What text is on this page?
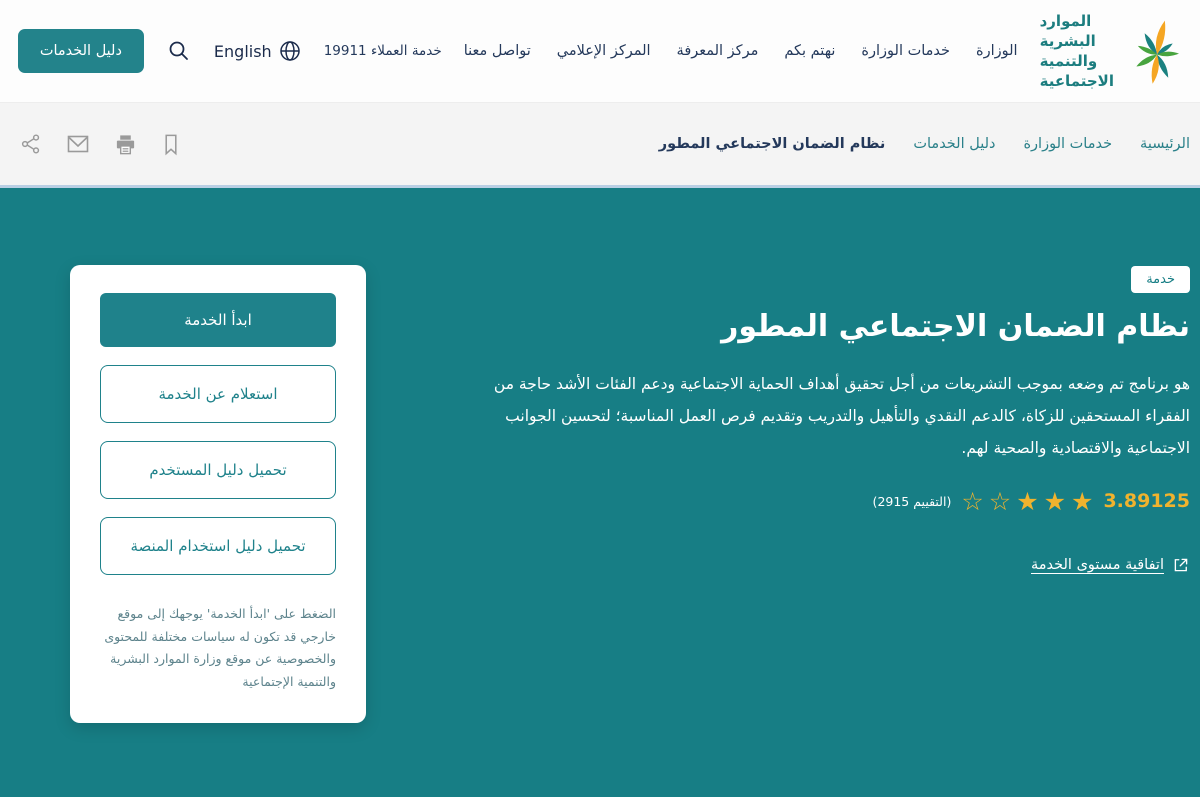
الموارد البشرية
والتنمية الاجتماعية
الوزارة
خدمات الوزارة
نهتم بكم
مركز المعرفة
المركز الإعلامي
تواصل معنا
خدمة العملاء 19911
English
دليل الخدمات
الرئيسية
خدمات الوزارة
دليل الخدمات
نظام الضمان الاجتماعي المطور
خدمة
نظام الضمان الاجتماعي المطور

هو برنامج تم وضعه بموجب التشريعات من أجل تحقيق أهداف الحماية الاجتماعية ودعم الفئات الأشد حاجة من الفقراء المستحقين للزكاة، كالدعم النقدي والتأهيل والتدريب وتقديم فرص العمل المناسبة؛ لتحسين الجوانب الاجتماعية والاقتصادية والصحية لهم.

3.89125
★
★
★
☆
☆
(التقييم 2915)
اتفاقية مستوى الخدمة
ابدأ الخدمة
استعلام عن الخدمة
تحميل دليل المستخدم
تحميل دليل استخدام المنصة

الضغط على 'ابدأ الخدمة' يوجهك إلى موقع خارجي قد تكون له سياسات مختلفة للمحتوى والخصوصية عن موقع وزارة الموارد البشرية والتنمية الإجتماعية
